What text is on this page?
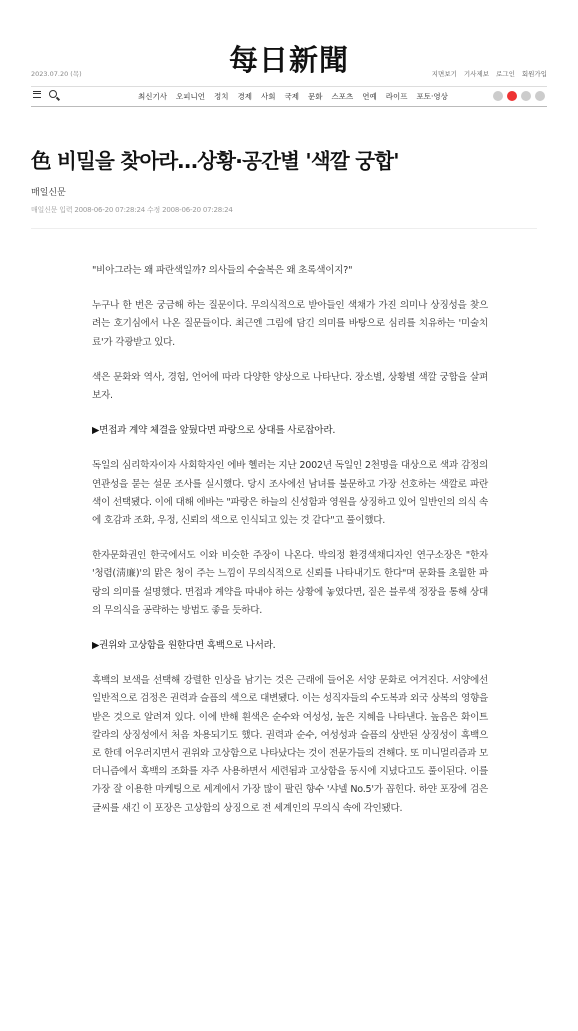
每日新聞
2023.07.20 (목)	지면보기 기사제보 로그인 회원가입
최신기사 오피니언 정치 경제 사회 국제 문화 스포츠 연예 라이프 포토·영상
色 비밀을 찾아라…상황·공간별 '색깔 궁합'
매일신문
매일신문 입력 2008-06-20 07:28:24 수정 2008-06-20 07:28:24

"비아그라는 왜 파란색일까? 의사들의 수술복은 왜 초록색이지?"

누구나 한 번은 궁금해 하는 질문이다. 무의식적으로 받아들인 색채가 가진 의미나 상징성을 찾으려는 호기심에서 나온 질문들이다. 최근엔 그림에 담긴 의미를 바탕으로 심리를 치유하는 '미술치료'가 각광받고 있다.

색은 문화와 역사, 경험, 언어에 따라 다양한 양상으로 나타난다. 장소별, 상황별 색깔 궁합을 살펴보자.

▶면접과 계약 체결을 앞뒀다면 파랑으로 상대를 사로잡아라.

독일의 심리학자이자 사회학자인 에바 헬러는 지난 2002년 독일인 2천명을 대상으로 색과 감정의 연관성을 묻는 설문 조사를 실시했다. 당시 조사에선 남녀를 불문하고 가장 선호하는 색깔로 파란색이 선택됐다. 이에 대해 에바는 "파랑은 하늘의 신성함과 영원을 상징하고 있어 일반인의 의식 속에 호감과 조화, 우정, 신뢰의 색으로 인식되고 있는 것 같다"고 풀이했다.

한자문화권인 한국에서도 이와 비슷한 주장이 나온다. 박의정 환경색채디자인 연구소장은 "한자 '청렴(淸廉)'의 맑은 청이 주는 느낌이 무의식적으로 신뢰를 나타내기도 한다"며 문화를 초월한 파랑의 의미를 설명했다. 면접과 계약을 따내야 하는 상황에 놓였다면, 짙은 블루색 정장을 통해 상대의 무의식을 공략하는 방법도 좋을 듯하다.

▶권위와 고상함을 원한다면 흑백으로 나서라.

흑백의 보색을 선택해 강렬한 인상을 남기는 것은 근래에 들어온 서양 문화로 여겨진다. 서양에선 일반적으로 검정은 권력과 슬픔의 색으로 대변됐다. 이는 성직자들의 수도복과 외국 상복의 영향을 받은 것으로 알려져 있다. 이에 반해 흰색은 순수와 여성성, 높은 지혜을 나타낸다. 높음은 화이트 칼라의 상징성에서 처음 차용되기도 했다. 권력과 순수, 여성성과 슬픔의 상반된 상징성이 흑백으로 한데 어우러지면서 권위와 고상함으로 나타났다는 것이 전문가들의 견해다. 또 미니멀리즘과 모더니즘에서 흑백의 조화를 자주 사용하면서 세련됨과 고상함을 동시에 지녔다고도 풀이된다. 이를 가장 잘 이용한 마케팅으로 세계에서 가장 많이 팔린 향수 '샤넬 No.5'가 꼽힌다. 하얀 포장에 검은 글씨를 새긴 이 포장은 고상함의 상징으로 전 세계인의 무의식 속에 각인됐다.
